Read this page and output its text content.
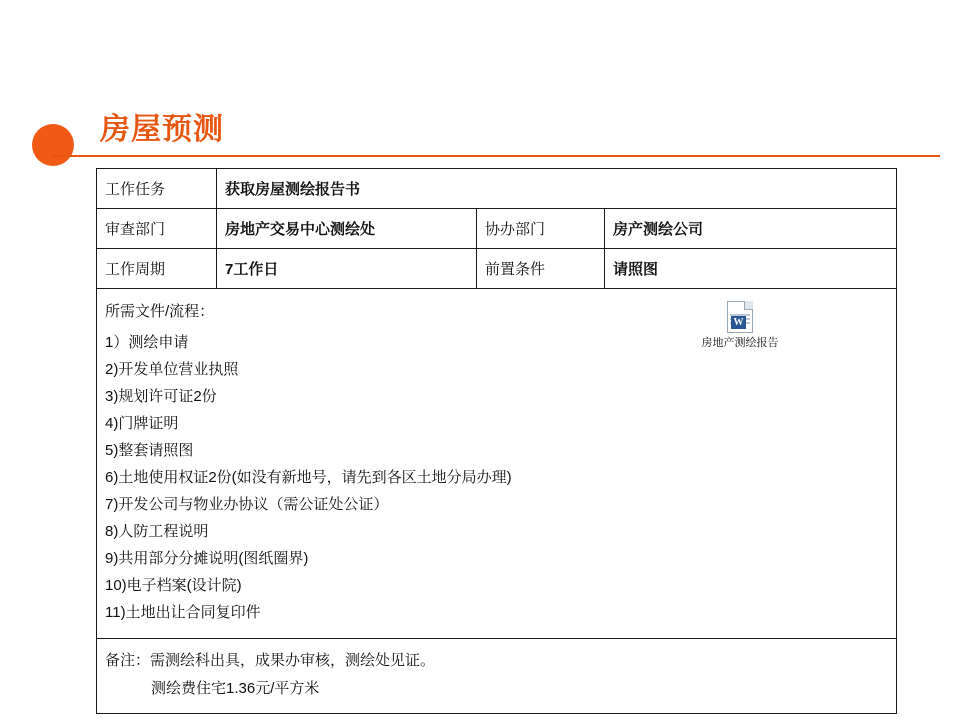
房屋预测
工作任务	获取房屋测绘报告书		
审查部门	房地产交易中心测绘处	协办部门	房产测绘公司
工作周期	7工作日	前置条件	请照图

所需文件/流程：
1）测绘申请
2)开发单位营业执照
3)规划许可证2份
4)门牌证明
5)整套请照图
6)土地使用权证2份(如没有新地号，请先到各区土地分局办理)
7)开发公司与物业办协议（需公证处公证）
8)人防工程说明
9)共用部分分摊说明(图纸圈界)
10)电子档案(设计院)
11)土地出让合同复印件
W
房地产测绘报告

备注：需测绘科出具，成果办审核，测绘处见证。
测绘费住宅1.36元/平方米			
